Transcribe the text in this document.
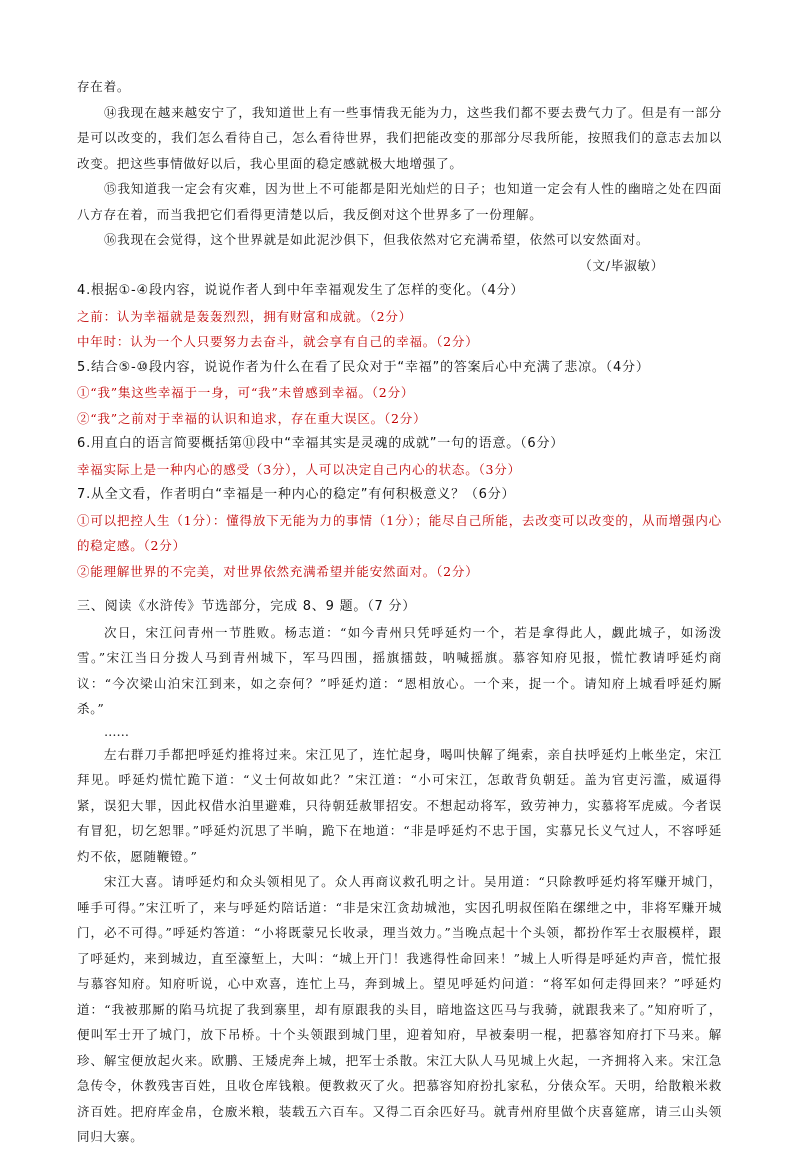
存在着。

⑭我现在越来越安宁了，我知道世上有一些事情我无能为力，这些我们都不要去费气力了。但是有一部分是可以改变的，我们怎么看待自己，怎么看待世界，我们把能改变的那部分尽我所能，按照我们的意志去加以改变。把这些事情做好以后，我心里面的稳定感就极大地增强了。

⑮我知道我一定会有灾难，因为世上不可能都是阳光灿烂的日子；也知道一定会有人性的幽暗之处在四面八方存在着，而当我把它们看得更清楚以后，我反倒对这个世界多了一份理解。

⑯我现在会觉得，这个世界就是如此泥沙俱下，但我依然对它充满希望，依然可以安然面对。

（文/毕淑敏）

4.根据①-④段内容，说说作者人到中年幸福观发生了怎样的变化。（4分）

之前：认为幸福就是轰轰烈烈，拥有财富和成就。（2分）

中年时：认为一个人只要努力去奋斗，就会享有自己的幸福。（2分）

5.结合⑤-⑩段内容，说说作者为什么在看了民众对于“幸福”的答案后心中充满了悲凉。（4分）

①“我”集这些幸福于一身，可“我”未曾感到幸福。（2分）

②“我”之前对于幸福的认识和追求，存在重大误区。（2分）

6.用直白的语言简要概括第⑪段中“幸福其实是灵魂的成就”一句的语意。（6分）

幸福实际上是一种内心的感受（3分），人可以决定自己内心的状态。（3分）

7.从全文看，作者明白“幸福是一种内心的稳定”有何积极意义？（6分）

①可以把控人生（1分）：懂得放下无能为力的事情（1分）；能尽自己所能，去改变可以改变的，从而增强内心的稳定感。（2分）

②能理解世界的不完美，对世界依然充满希望并能安然面对。（2分）

三、阅读《水浒传》节选部分，完成 8、9 题。（7 分）

次日，宋江问青州一节胜败。杨志道：“如今青州只凭呼延灼一个，若是拿得此人，觑此城子，如汤泼雪。”宋江当日分拨人马到青州城下，军马四围，摇旗擂鼓，呐喊摇旗。慕容知府见报，慌忙教请呼延灼商议：“今次梁山泊宋江到来，如之奈何？”呼延灼道：“恩相放心。一个来，捉一个。请知府上城看呼延灼厮杀。”

……

左右群刀手都把呼延灼推将过来。宋江见了，连忙起身，喝叫快解了绳索，亲自扶呼延灼上帐坐定，宋江拜见。呼延灼慌忙跪下道：“义士何故如此？”宋江道：“小可宋江，怎敢背负朝廷。盖为官吏污滥，威逼得紧，误犯大罪，因此权借水泊里避难，只待朝廷赦罪招安。不想起动将军，致劳神力，实慕将军虎威。今者误有冒犯，切乞恕罪。”呼延灼沉思了半晌，跪下在地道：“非是呼延灼不忠于国，实慕兄长义气过人，不容呼延灼不依，愿随鞭镫。”

宋江大喜。请呼延灼和众头领相见了。众人再商议救孔明之计。吴用道：“只除教呼延灼将军赚开城门，唾手可得。”宋江听了，来与呼延灼陪话道：“非是宋江贪劫城池，实因孔明叔侄陷在缧绁之中，非将军赚开城门，必不可得。”呼延灼答道：“小将既蒙兄长收录，理当效力。”当晚点起十个头领，都扮作军士衣服模样，跟了呼延灼，来到城边，直至濠堑上，大叫：“城上开门！我逃得性命回来！”城上人听得是呼延灼声音，慌忙报与慕容知府。知府听说，心中欢喜，连忙上马，奔到城上。望见呼延灼问道：“将军如何走得回来？”呼延灼道：“我被那厮的陷马坑捉了我到寨里，却有原跟我的头目，暗地盗这匹马与我骑，就跟我来了。”知府听了，便叫军士开了城门，放下吊桥。十个头领跟到城门里，迎着知府，早被秦明一棍，把慕容知府打下马来。解珍、解宝便放起火来。欧鹏、王矮虎奔上城，把军士杀散。宋江大队人马见城上火起，一齐拥将入来。宋江急急传令，休教残害百姓，且收仓库钱粮。便教救灭了火。把慕容知府扮扎家私，分俵众军。天明，给散粮米救济百姓。把府库金帛，仓廒米粮，装载五六百车。又得二百余匹好马。就青州府里做个庆喜筵席，请三山头领同归大寨。
